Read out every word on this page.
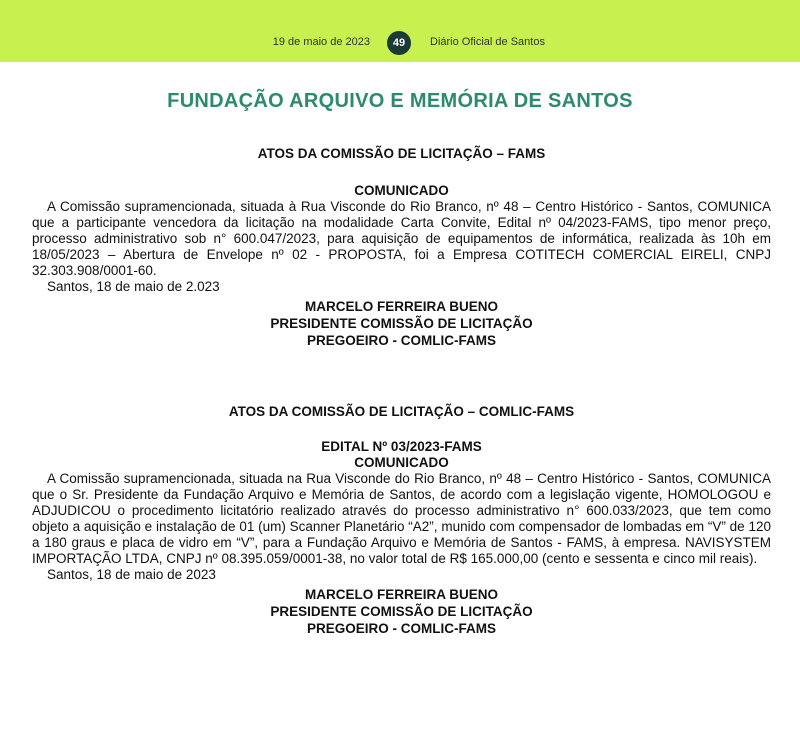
19 de maio de 2023	49	Diário Oficial de Santos
FUNDAÇÃO ARQUIVO E MEMÓRIA DE SANTOS

ATOS DA COMISSÃO DE LICITAÇÃO – FAMS

COMUNICADO

A Comissão supramencionada, situada à Rua Visconde do Rio Branco, nº 48 – Centro Histórico - Santos, COMUNICA que a participante vencedora da licitação na modalidade Carta Convite, Edital nº 04/2023-FAMS, tipo menor preço, processo administrativo sob n° 600.047/2023, para aquisição de equipamentos de informática, realizada às 10h em 18/05/2023 – Abertura de Envelope nº 02 - PROPOSTA, foi a Empresa COTITECH COMERCIAL EIRELI, CNPJ 32.303.908/0001-60.

Santos, 18 de maio de 2.023

MARCELO FERREIRA BUENO

PRESIDENTE COMISSÃO DE LICITAÇÃO

PREGOEIRO - COMLIC-FAMS

ATOS DA COMISSÃO DE LICITAÇÃO – COMLIC-FAMS

EDITAL Nº 03/2023-FAMS

COMUNICADO

A Comissão supramencionada, situada na Rua Visconde do Rio Branco, nº 48 – Centro Histórico - Santos, COMUNICA que o Sr. Presidente da Fundação Arquivo e Memória de Santos, de acordo com a legislação vigente, HOMOLOGOU e ADJUDICOU o procedimento licitatório realizado através do processo administrativo n° 600.033/2023, que tem como objeto a aquisição e instalação de 01 (um) Scanner Planetário “A2”, munido com compensador de lombadas em “V” de 120 a 180 graus e placa de vidro em “V”, para a Fundação Arquivo e Memória de Santos - FAMS, à empresa. NAVISYSTEM IMPORTAÇÃO LTDA, CNPJ nº 08.395.059/0001-38, no valor total de R$ 165.000,00 (cento e sessenta e cinco mil reais).

Santos, 18 de maio de 2023

MARCELO FERREIRA BUENO

PRESIDENTE COMISSÃO DE LICITAÇÃO

PREGOEIRO - COMLIC-FAMS
